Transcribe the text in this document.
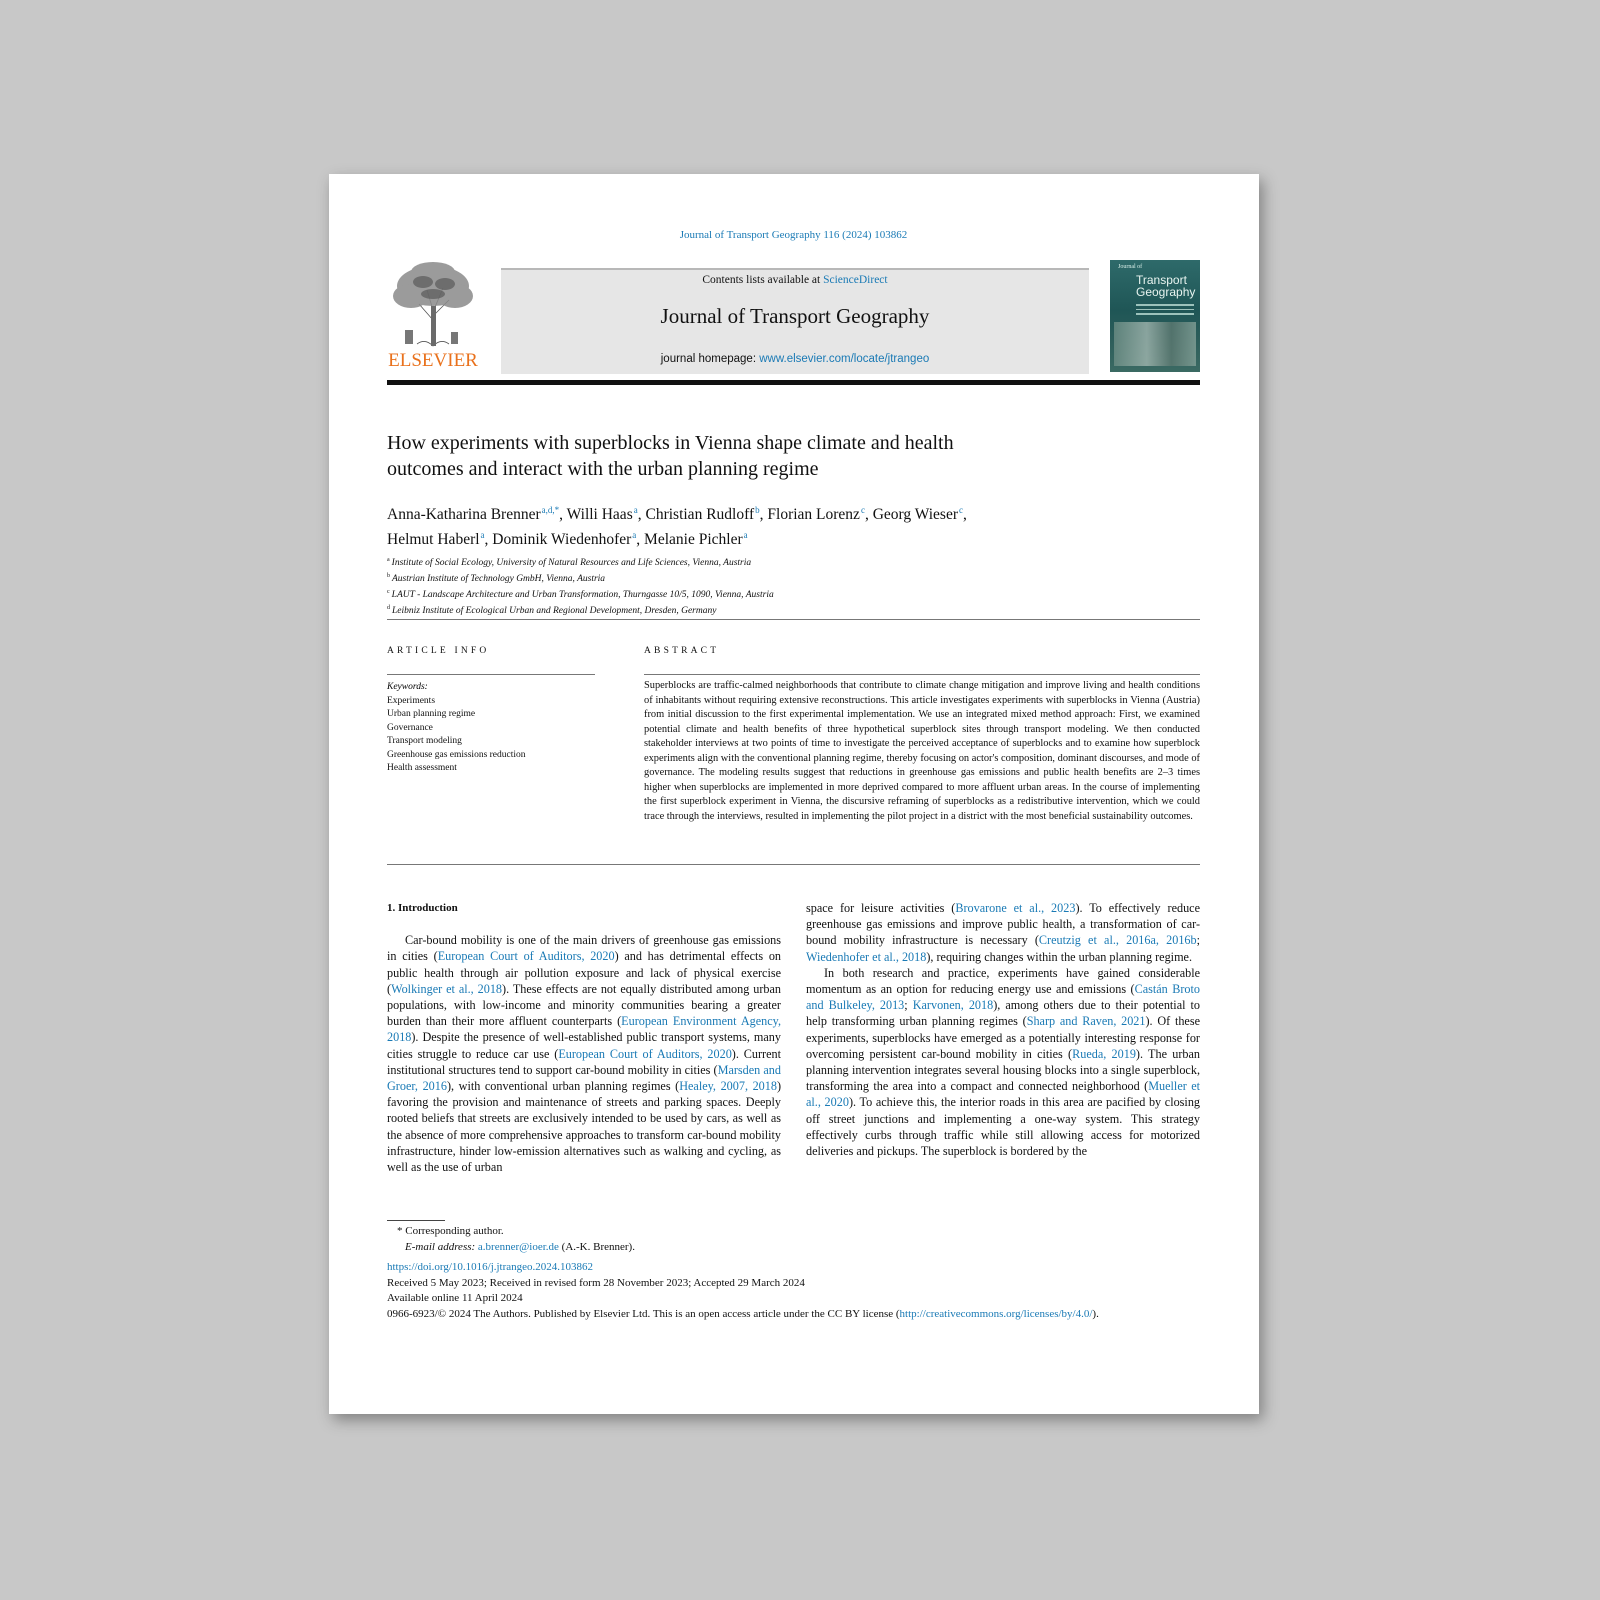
Journal of Transport Geography 116 (2024) 103862
ELSEVIER
Contents lists available at ScienceDirect
Journal of Transport Geography
journal homepage: www.elsevier.com/locate/jtrangeo
Journal of
Transport
Geography
How experiments with superblocks in Vienna shape climate and health
outcomes and interact with the urban planning regime
Anna-Katharina Brenner$^{a,d,*}$, Willi Haas$^a$, Christian Rudloff$^b$, Florian Lorenz$^c$, Georg Wieser$^c$,
Helmut Haberl$^a$, Dominik Wiedenhofer$^a$, Melanie Pichler$^a$
$^a$ Institute of Social Ecology, University of Natural Resources and Life Sciences, Vienna, Austria
$^b$ Austrian Institute of Technology GmbH, Vienna, Austria
$^c$ LAUT - Landscape Architecture and Urban Transformation, Thurngasse 10/5, 1090, Vienna, Austria
$^d$ Leibniz Institute of Ecological Urban and Regional Development, Dresden, Germany
ARTICLE INFO	ABSTRACT
Keywords:
Experiments
Urban planning regime
Governance
Transport modeling
Greenhouse gas emissions reduction
Health assessment
Superblocks are traffic-calmed neighborhoods that contribute to climate change mitigation and improve living and health conditions of inhabitants without requiring extensive reconstructions. This article investigates experiments with superblocks in Vienna (Austria) from initial discussion to the first experimental implementation. We use an integrated mixed method approach: First, we examined potential climate and health benefits of three hypothetical superblock sites through transport modeling. We then conducted stakeholder interviews at two points of time to investigate the perceived acceptance of superblocks and to examine how superblock experiments align with the conventional planning regime, thereby focusing on actor's composition, dominant discourses, and mode of governance. The modeling results suggest that reductions in greenhouse gas emissions and public health benefits are 2–3 times higher when superblocks are implemented in more deprived compared to more affluent urban areas. In the course of implementing the first superblock experiment in Vienna, the discursive reframing of superblocks as a redistributive intervention, which we could trace through the interviews, resulted in implementing the pilot project in a district with the most beneficial sustainability outcomes.
1. Introduction

Car-bound mobility is one of the main drivers of greenhouse gas emissions in cities (European Court of Auditors, 2020) and has detrimental effects on public health through air pollution exposure and lack of physical exercise (Wolkinger et al., 2018). These effects are not equally distributed among urban populations, with low-income and minority communities bearing a greater burden than their more affluent counterparts (European Environment Agency, 2018). Despite the presence of well-established public transport systems, many cities struggle to reduce car use (European Court of Auditors, 2020). Current institutional structures tend to support car-bound mobility in cities (Marsden and Groer, 2016), with conventional urban planning regimes (Healey, 2007, 2018) favoring the provision and maintenance of streets and parking spaces. Deeply rooted beliefs that streets are exclusively intended to be used by cars, as well as the absence of more comprehensive approaches to transform car-bound mobility infrastructure, hinder low-emission alternatives such as walking and cycling, as well as the use of urban

space for leisure activities (Brovarone et al., 2023). To effectively reduce greenhouse gas emissions and improve public health, a transformation of car-bound mobility infrastructure is necessary (Creutzig et al., 2016a, 2016b; Wiedenhofer et al., 2018), requiring changes within the urban planning regime.

In both research and practice, experiments have gained considerable momentum as an option for reducing energy use and emissions (Castán Broto and Bulkeley, 2013; Karvonen, 2018), among others due to their potential to help transforming urban planning regimes (Sharp and Raven, 2021). Of these experiments, superblocks have emerged as a potentially interesting response for overcoming persistent car-bound mobility in cities (Rueda, 2019). The urban planning intervention integrates several housing blocks into a single superblock, transforming the area into a compact and connected neighborhood (Mueller et al., 2020). To achieve this, the interior roads in this area are pacified by closing off street junctions and implementing a one-way system. This strategy effectively curbs through traffic while still allowing access for motorized deliveries and pickups. The superblock is bordered by the

* Corresponding author.
E-mail address: a.brenner@ioer.de (A.-K. Brenner).
https://doi.org/10.1016/j.jtrangeo.2024.103862
Received 5 May 2023; Received in revised form 28 November 2023; Accepted 29 March 2024
Available online 11 April 2024
0966-6923/© 2024 The Authors. Published by Elsevier Ltd. This is an open access article under the CC BY license (http://creativecommons.org/licenses/by/4.0/).
